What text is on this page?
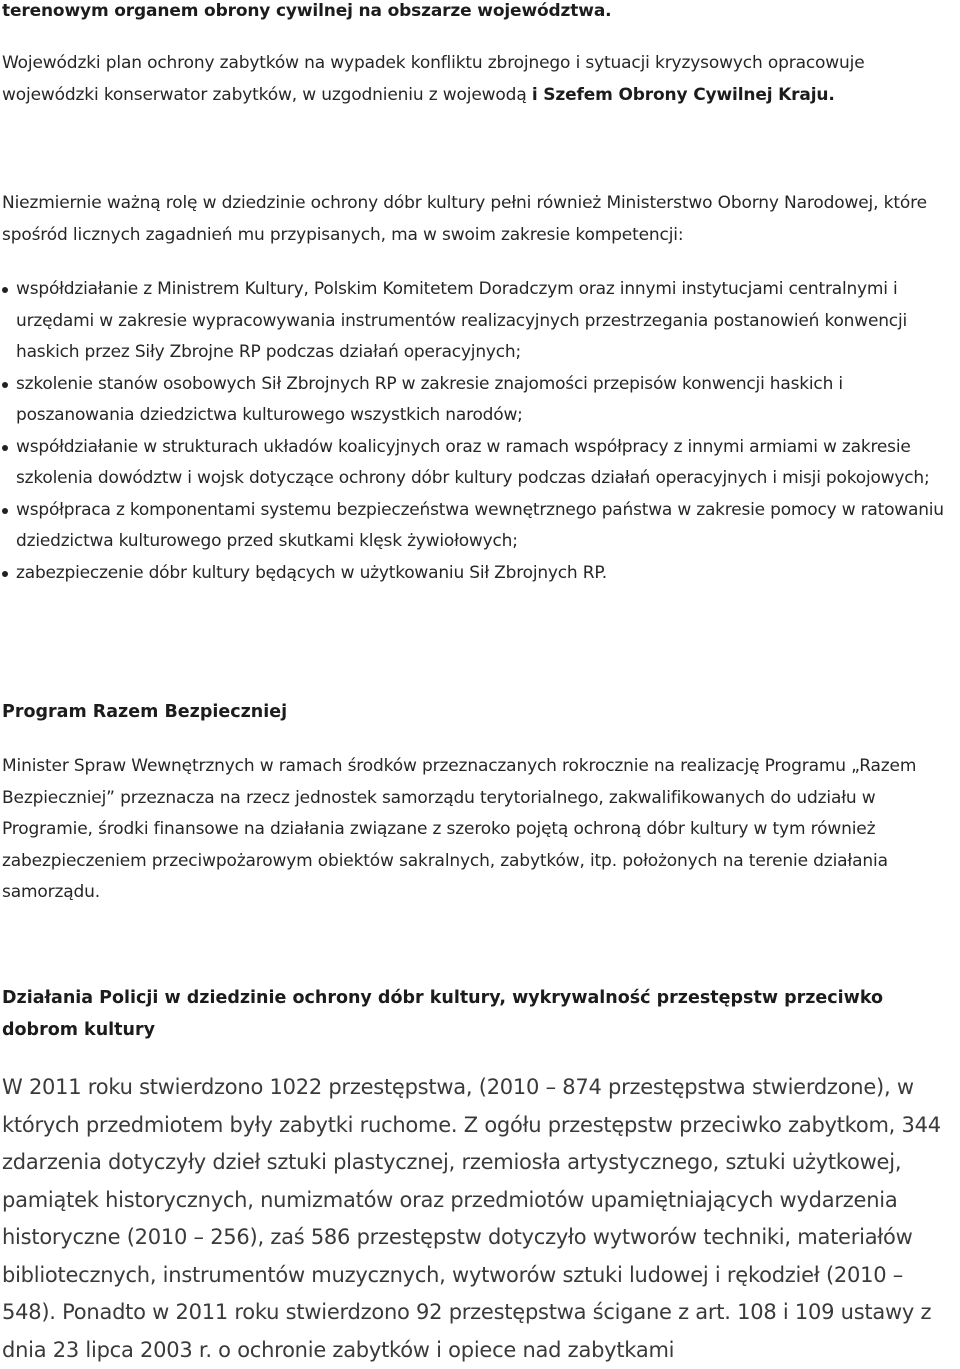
terenowym organem obrony cywilnej na obszarze województwa.

Wojewódzki plan ochrony zabytków na wypadek konfliktu zbrojnego i sytuacji kryzysowych opracowuje wojewódzki konserwator zabytków, w uzgodnieniu z wojewodą i Szefem Obrony Cywilnej Kraju.

Niezmiernie ważną rolę w dziedzinie ochrony dóbr kultury pełni również Ministerstwo Oborny Narodowej, które spośród licznych zagadnień mu przypisanych, ma w swoim zakresie kompetencji:

współdziałanie z Ministrem Kultury, Polskim Komitetem Doradczym oraz innymi instytucjami centralnymi i urzędami w zakresie wypracowywania instrumentów realizacyjnych przestrzegania postanowień konwencji haskich przez Siły Zbrojne RP podczas działań operacyjnych;
szkolenie stanów osobowych Sił Zbrojnych RP w zakresie znajomości przepisów konwencji haskich i poszanowania dziedzictwa kulturowego wszystkich narodów;
współdziałanie w strukturach układów koalicyjnych oraz w ramach współpracy z innymi armiami w zakresie szkolenia dowództw i wojsk dotyczące ochrony dóbr kultury podczas działań operacyjnych i misji pokojowych;
współpraca z komponentami systemu bezpieczeństwa wewnętrznego państwa w zakresie pomocy w ratowaniu dziedzictwa kulturowego przed skutkami klęsk żywiołowych;
zabezpieczenie dóbr kultury będących w użytkowaniu Sił Zbrojnych RP.
Program Razem Bezpieczniej

Minister Spraw Wewnętrznych w ramach środków przeznaczanych rokrocznie na realizację Programu „Razem Bezpieczniej” przeznacza na rzecz jednostek samorządu terytorialnego, zakwalifikowanych do udziału w Programie, środki finansowe na działania związane z szeroko pojętą ochroną dóbr kultury w tym również zabezpieczeniem przeciwpożarowym obiektów sakralnych, zabytków, itp. położonych na terenie działania samorządu.

Działania Policji w dziedzinie ochrony dóbr kultury, wykrywalność przestępstw przeciwko dobrom kultury

W 2011 roku stwierdzono 1022 przestępstwa, (2010 – 874 przestępstwa stwierdzone), w których przedmiotem były zabytki ruchome. Z ogółu przestępstw przeciwko zabytkom, 344 zdarzenia dotyczyły dzieł sztuki plastycznej, rzemiosła artystycznego, sztuki użytkowej, pamiątek historycznych, numizmatów oraz przedmiotów upamiętniających wydarzenia historyczne (2010 – 256), zaś 586 przestępstw dotyczyło wytworów techniki, materiałów bibliotecznych, instrumentów muzycznych, wytworów sztuki ludowej i rękodzieł (2010 – 548). Ponadto w 2011 roku stwierdzono 92 przestępstwa ścigane z art. 108 i 109 ustawy z dnia 23 lipca 2003 r. o ochronie zabytków i opiece nad zabytkami
